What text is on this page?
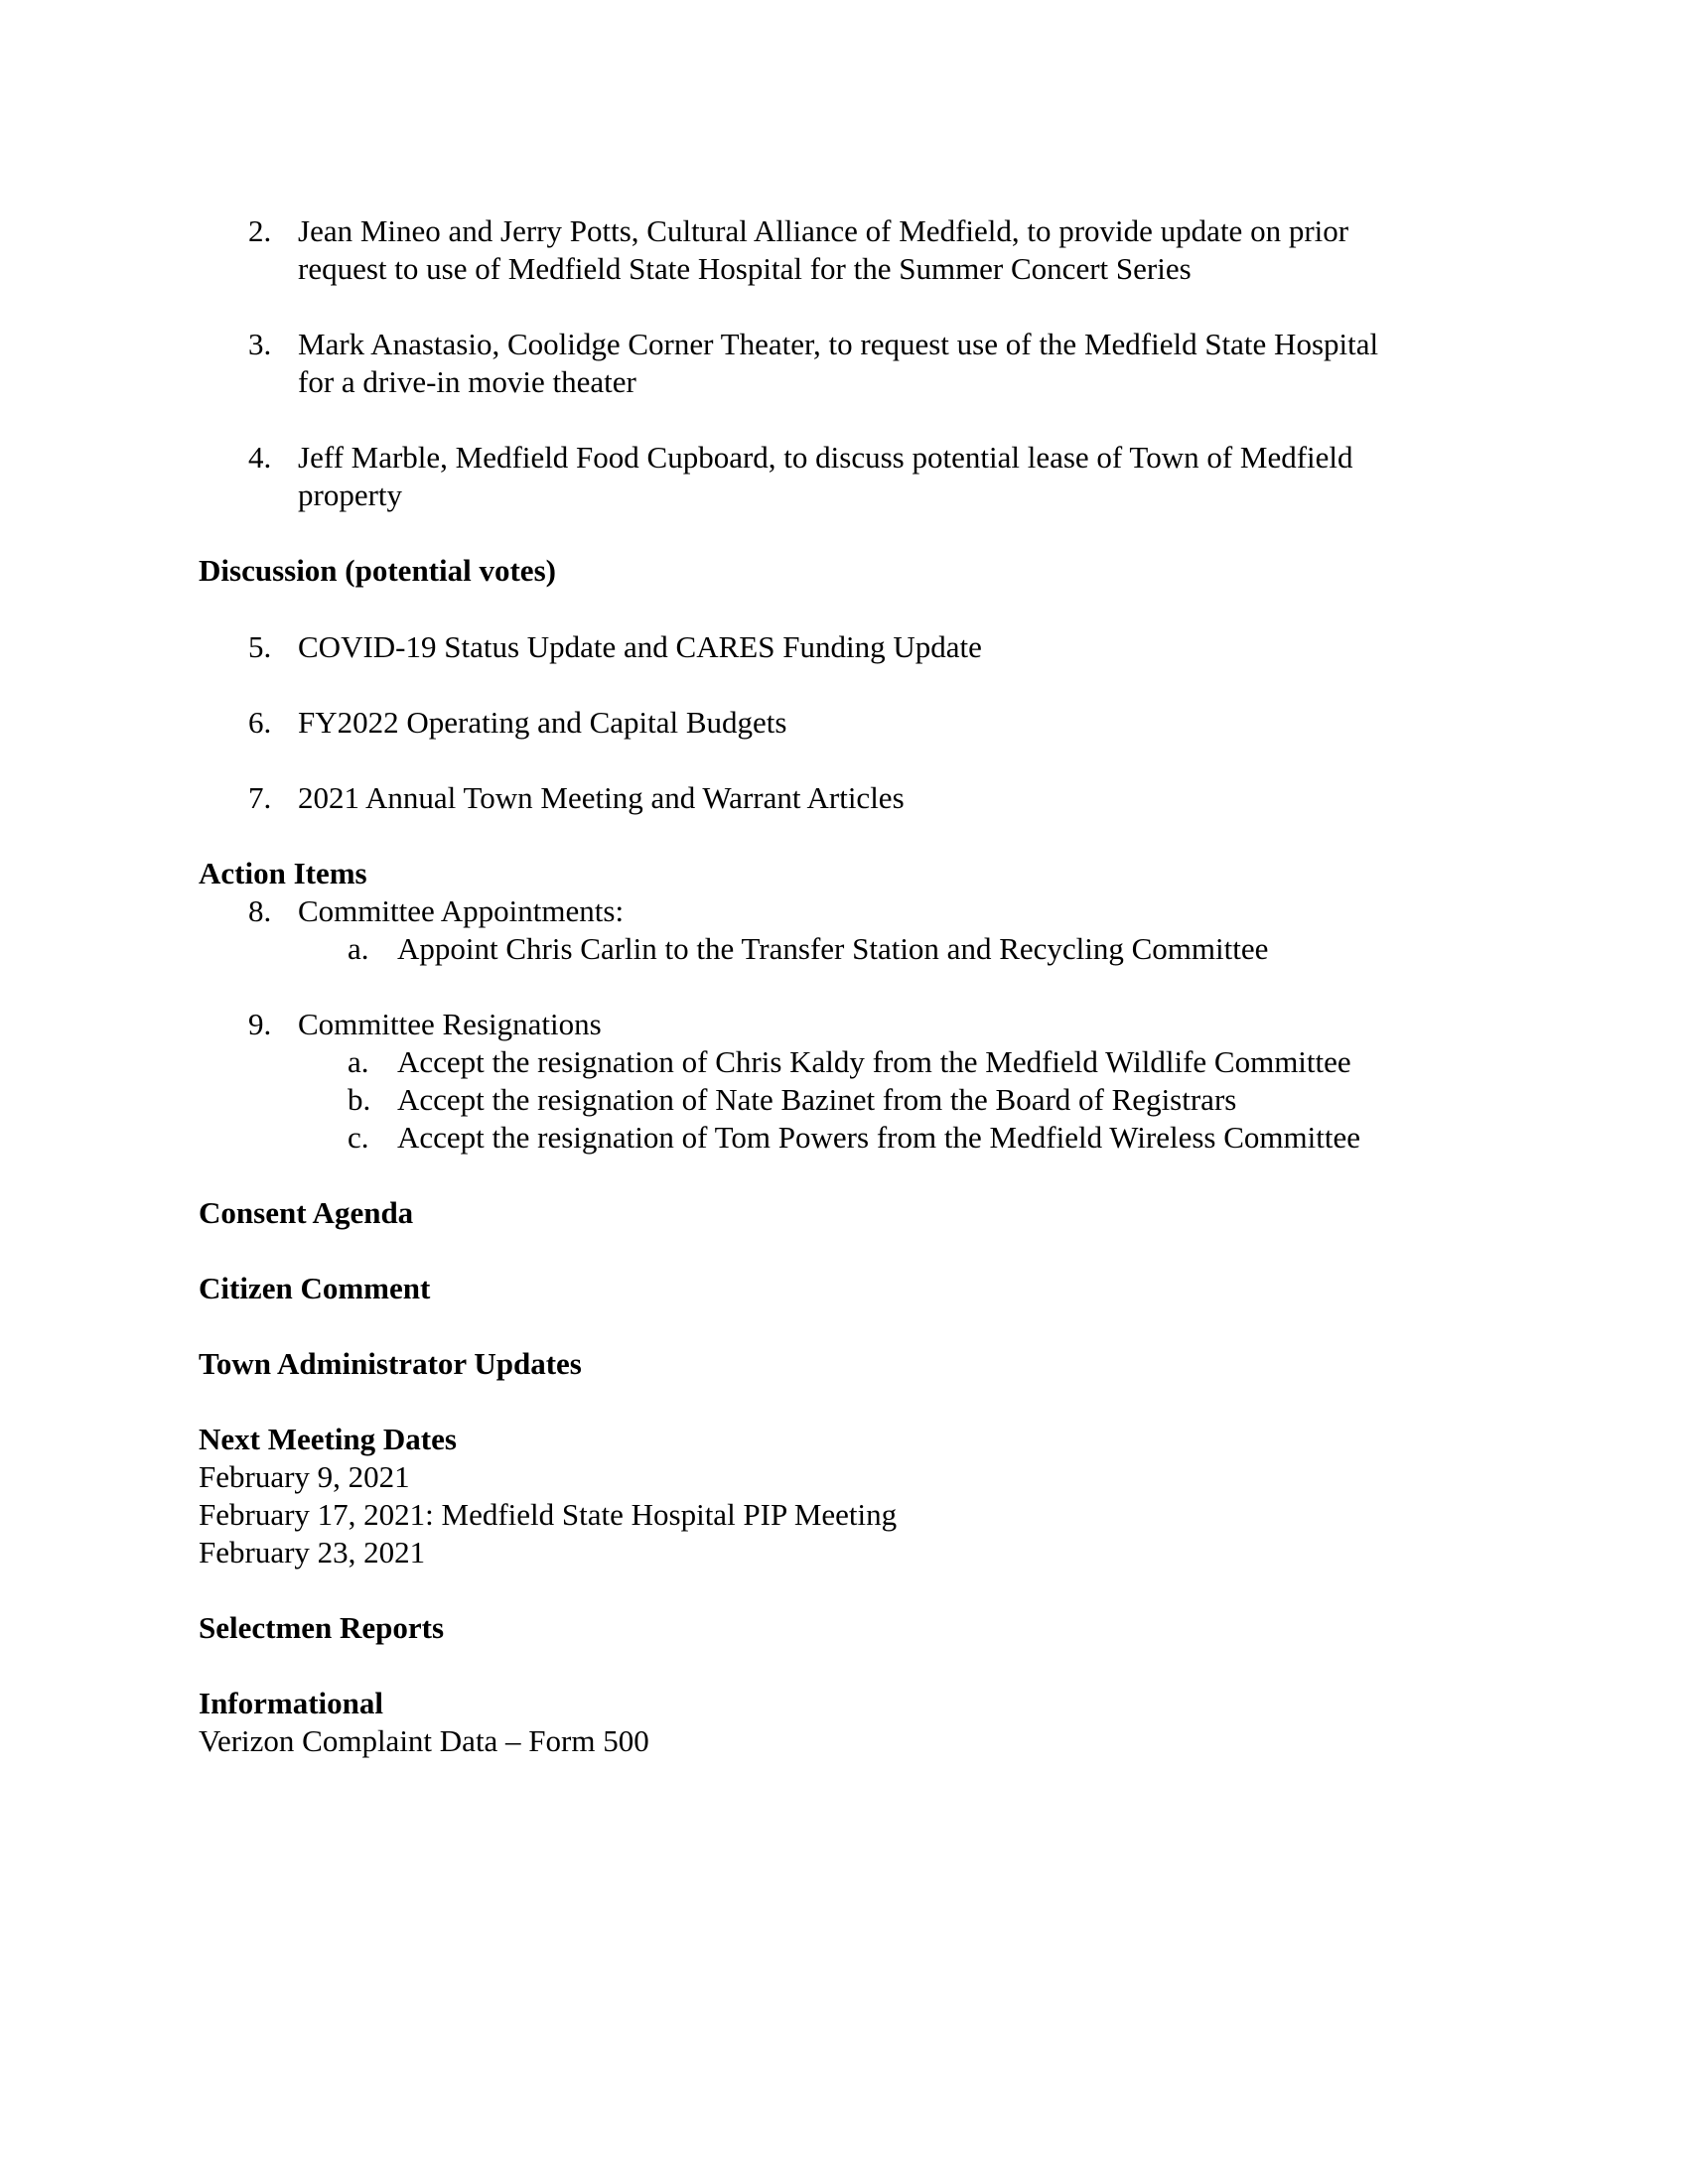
2. Jean Mineo and Jerry Potts, Cultural Alliance of Medfield, to provide update on prior
request to use of Medfield State Hospital for the Summer Concert Series
3. Mark Anastasio, Coolidge Corner Theater, to request use of the Medfield State Hospital
for a drive-in movie theater
4. Jeff Marble, Medfield Food Cupboard, to discuss potential lease of Town of Medfield
property
Discussion (potential votes)
5. COVID-19 Status Update and CARES Funding Update
6. FY2022 Operating and Capital Budgets
7. 2021 Annual Town Meeting and Warrant Articles
Action Items
8. Committee Appointments:
a. Appoint Chris Carlin to the Transfer Station and Recycling Committee
9. Committee Resignations
a. Accept the resignation of Chris Kaldy from the Medfield Wildlife Committee
b. Accept the resignation of Nate Bazinet from the Board of Registrars
c. Accept the resignation of Tom Powers from the Medfield Wireless Committee
Consent Agenda
Citizen Comment
Town Administrator Updates
Next Meeting Dates
February 9, 2021
February 17, 2021: Medfield State Hospital PIP Meeting
February 23, 2021
Selectmen Reports
Informational
Verizon Complaint Data – Form 500
